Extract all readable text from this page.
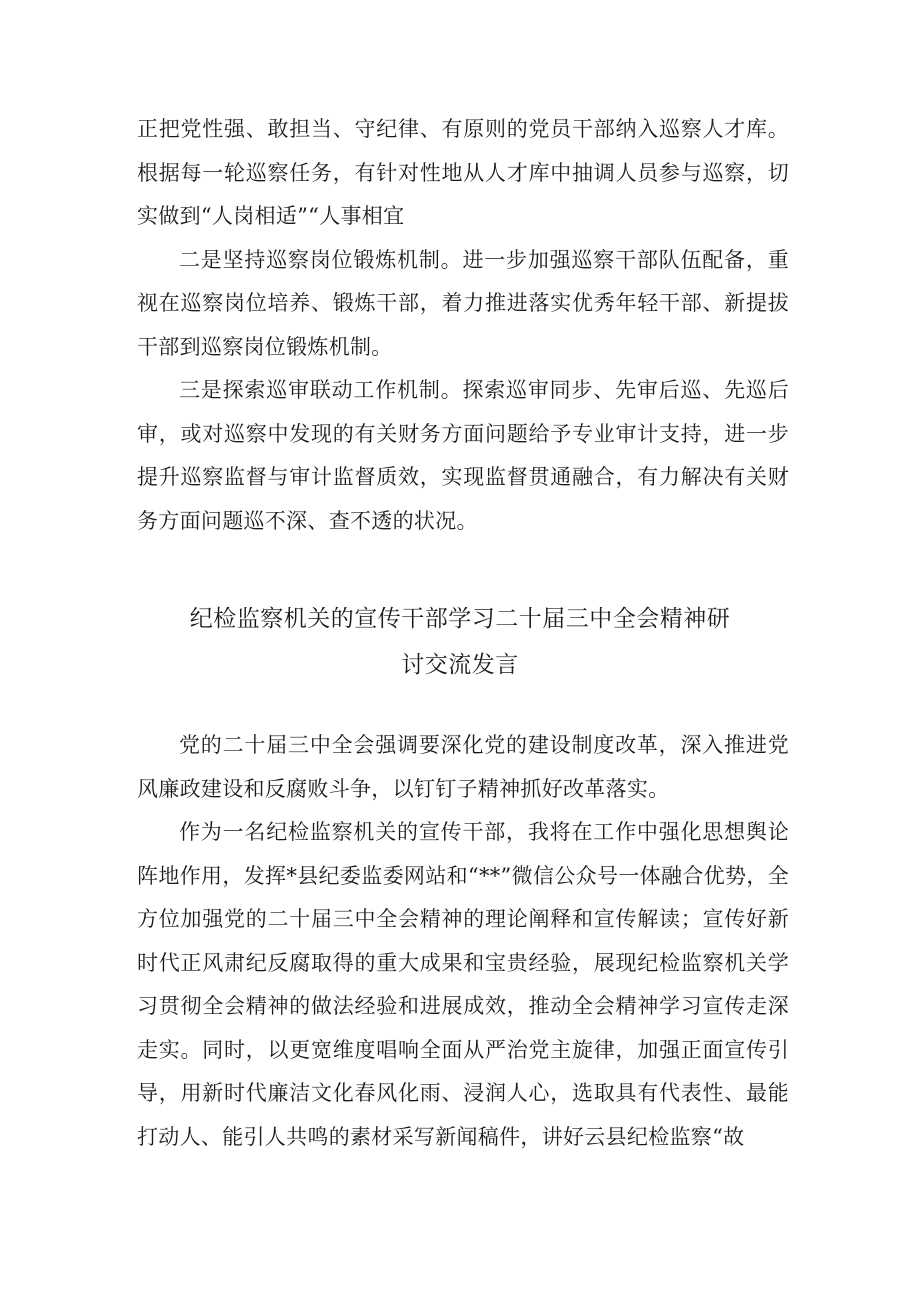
正把党性强、敢担当、守纪律、有原则的党员干部纳入巡察人才库。根据每一轮巡察任务，有针对性地从人才库中抽调人员参与巡察，切实做到“人岗相适”“人事相宜

二是坚持巡察岗位锻炼机制。进一步加强巡察干部队伍配备，重视在巡察岗位培养、锻炼干部，着力推进落实优秀年轻干部、新提拔干部到巡察岗位锻炼机制。

三是探索巡审联动工作机制。探索巡审同步、先审后巡、先巡后审，或对巡察中发现的有关财务方面问题给予专业审计支持，进一步提升巡察监督与审计监督质效，实现监督贯通融合，有力解决有关财务方面问题巡不深、查不透的状况。

纪检监察机关的宣传干部学习二十届三中全会精神研
讨交流发言

党的二十届三中全会强调要深化党的建设制度改革，深入推进党风廉政建设和反腐败斗争，以钉钉子精神抓好改革落实。

作为一名纪检监察机关的宣传干部，我将在工作中强化思想舆论阵地作用，发挥*县纪委监委网站和“**”微信公众号一体融合优势，全方位加强党的二十届三中全会精神的理论阐释和宣传解读；宣传好新时代正风肃纪反腐取得的重大成果和宝贵经验，展现纪检监察机关学习贯彻全会精神的做法经验和进展成效，推动全会精神学习宣传走深走实。同时，以更宽维度唱响全面从严治党主旋律，加强正面宣传引导，用新时代廉洁文化春风化雨、浸润人心，选取具有代表性、最能打动人、能引人共鸣的素材采写新闻稿件，讲好云县纪检监察“故
